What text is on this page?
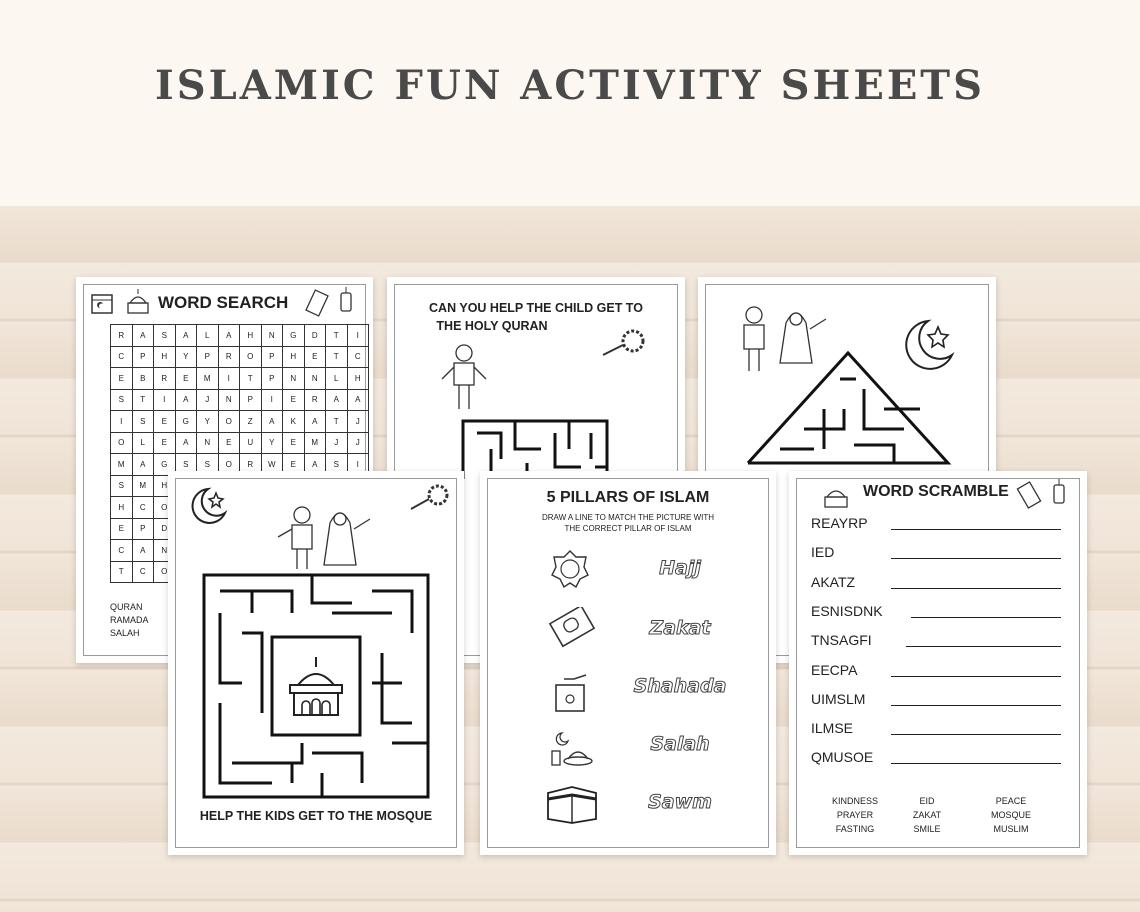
ISLAMIC FUN ACTIVITY SHEETS
WORD SEARCH
R	A	S	A	L	A	H	N	G	D	T	I
C	P	H	Y	P	R	O	P	H	E	T	C
E	B	R	E	M	I	T	P	N	N	L	H
S	T	I	A	J	N	P	I	E	R	A	A
I	S	E	G	Y	O	Z	A	K	A	T	J
O	L	E	A	N	E	U	Y	E	M	J	J
M	A	G	S	S	O	R	W	E	A	S	I
S	M	H									
H	C	O									
E	P	D									
C	A	N									
T	C	O									
QURAN
RAMADA
SALAH
CAN YOU HELP THE CHILD GET TO
THE HOLY QURAN
HELP THE KIDS GET TO THE MOSQUE
5 PILLARS OF ISLAM
DRAW A LINE TO MATCH THE PICTURE WITH
THE CORRECT PILLAR OF ISLAM
Hajj
Zakat
Shahada
Salah
Sawm
WORD SCRAMBLE
REAYRP
IED
AKATZ
ESNISDNK
TNSAGFI
EECPA
UIMSLM
ILMSE
QMUSOE
KINDNESS
PRAYER
FASTING
EID
ZAKAT
SMILE
PEACE
MOSQUE
MUSLIM
